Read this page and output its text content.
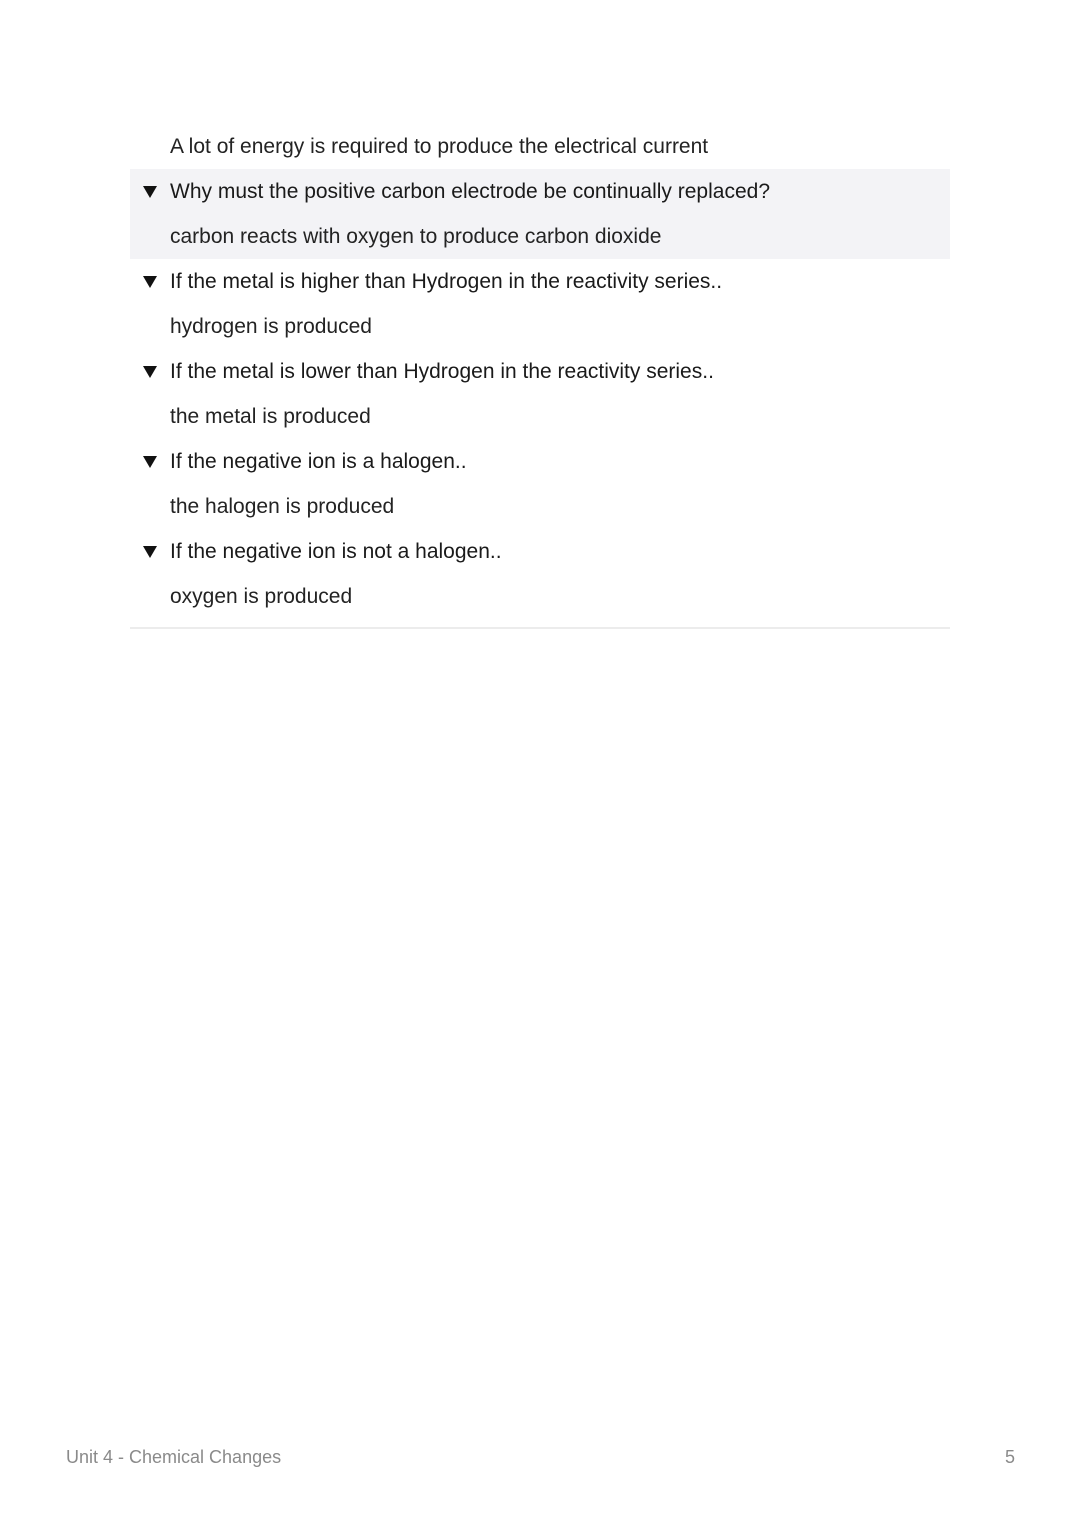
A lot of energy is required to produce the electrical current
Why must the positive carbon electrode be continually replaced?
carbon reacts with oxygen to produce carbon dioxide
If the metal is higher than Hydrogen in the reactivity series..
hydrogen is produced
If the metal is lower than Hydrogen in the reactivity series..
the metal is produced
If the negative ion is a halogen..
the halogen is produced
If the negative ion is not a halogen..
oxygen is produced
Unit 4 - Chemical Changes	5
